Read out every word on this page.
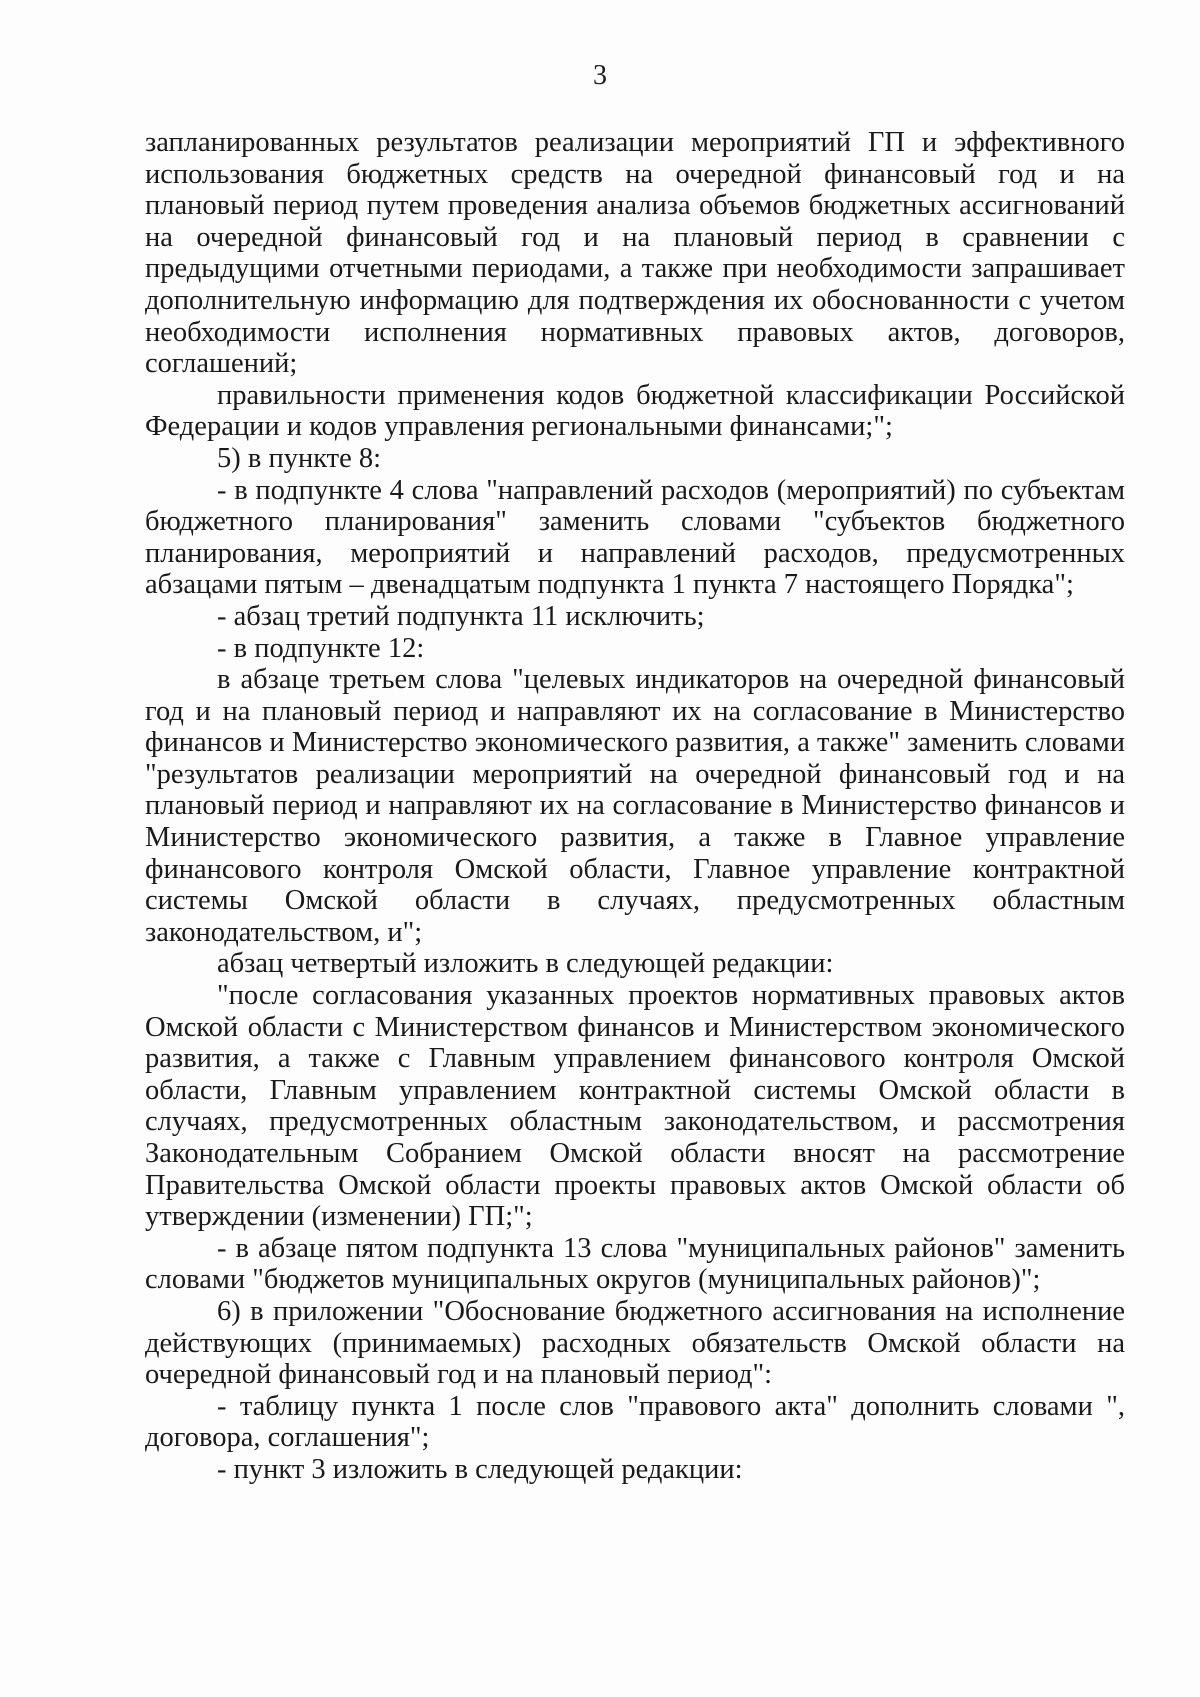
3

запланированных результатов реализации мероприятий ГП и эффективного использования бюджетных средств на очередной финансовый год и на плановый период путем проведения анализа объемов бюджетных ассигнований на очередной финансовый год и на плановый период в сравнении с предыдущими отчетными периодами, а также при необходимости запрашивает дополнительную информацию для подтверждения их обоснованности с учетом необходимости исполнения нормативных правовых актов, договоров, соглашений;

правильности применения кодов бюджетной классификации Российской Федерации и кодов управления региональными финансами;";

5) в пункте 8:

- в подпункте 4 слова "направлений расходов (мероприятий) по субъектам бюджетного планирования" заменить словами "субъектов бюджетного планирования, мероприятий и направлений расходов, предусмотренных абзацами пятым – двенадцатым подпункта 1 пункта 7 настоящего Порядка";

- абзац третий подпункта 11 исключить;

- в подпункте 12:

в абзаце третьем слова "целевых индикаторов на очередной финансовый год и на плановый период и направляют их на согласование в Министерство финансов и Министерство экономического развития, а также" заменить словами "результатов реализации мероприятий на очередной финансовый год и на плановый период и направляют их на согласование в Министерство финансов и Министерство экономического развития, а также в Главное управление финансового контроля Омской области, Главное управление контрактной системы Омской области в случаях, предусмотренных областным законодательством, и";

абзац четвертый изложить в следующей редакции:

"после согласования указанных проектов нормативных правовых актов Омской области с Министерством финансов и Министерством экономического развития, а также с Главным управлением финансового контроля Омской области, Главным управлением контрактной системы Омской области в случаях, предусмотренных областным законодательством, и рассмотрения Законодательным Собранием Омской области вносят на рассмотрение Правительства Омской области проекты правовых актов Омской области об утверждении (изменении) ГП;";

- в абзаце пятом подпункта 13 слова "муниципальных районов" заменить словами "бюджетов муниципальных округов (муниципальных районов)";

6) в приложении "Обоснование бюджетного ассигнования на исполнение действующих (принимаемых) расходных обязательств Омской области на очередной финансовый год и на плановый период":

- таблицу пункта 1 после слов "правового акта" дополнить словами ", договора, соглашения";

- пункт 3 изложить в следующей редакции:
